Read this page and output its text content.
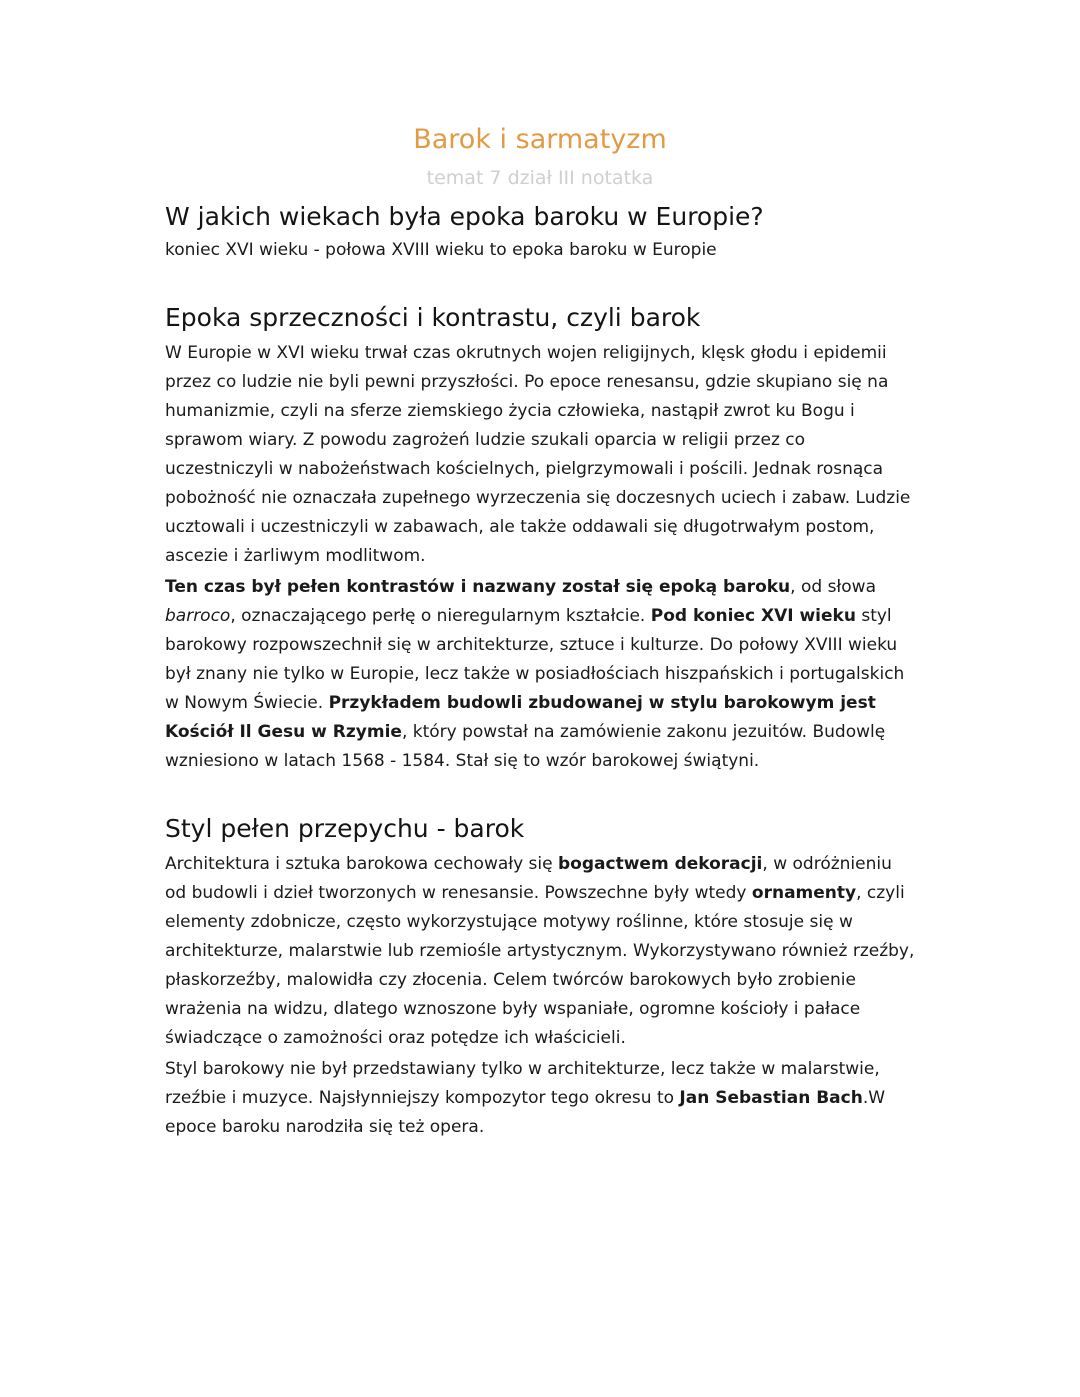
Barok i sarmatyzm
temat 7 dział III notatka
W jakich wiekach była epoka baroku w Europie?

koniec XVI wieku - połowa XVIII wieku to epoka baroku w Europie

Epoka sprzeczności i kontrastu, czyli barok

W Europie w XVI wieku trwał czas okrutnych wojen religijnych, klęsk głodu i epidemii przez co ludzie nie byli pewni przyszłości. Po epoce renesansu, gdzie skupiano się na humanizmie, czyli na sferze ziemskiego życia człowieka, nastąpił zwrot ku Bogu i sprawom wiary. Z powodu zagrożeń ludzie szukali oparcia w religii przez co uczestniczyli w nabożeństwach kościelnych, pielgrzymowali i pościli. Jednak rosnąca pobożność nie oznaczała zupełnego wyrzeczenia się doczesnych uciech i zabaw. Ludzie ucztowali i uczestniczyli w zabawach, ale także oddawali się długotrwałym postom, ascezie i żarliwym modlitwom.

Ten czas był pełen kontrastów i nazwany został się epoką baroku, od słowa barroco, oznaczającego perłę o nieregularnym kształcie. Pod koniec XVI wieku styl barokowy rozpowszechnił się w architekturze, sztuce i kulturze. Do połowy XVIII wieku był znany nie tylko w Europie, lecz także w posiadłościach hiszpańskich i portugalskich w Nowym Świecie. Przykładem budowli zbudowanej w stylu barokowym jest Kościół Il Gesu w Rzymie, który powstał na zamówienie zakonu jezuitów. Budowlę wzniesiono w latach 1568 - 1584. Stał się to wzór barokowej świątyni.

Styl pełen przepychu - barok

Architektura i sztuka barokowa cechowały się bogactwem dekoracji, w odróżnieniu od budowli i dzieł tworzonych w renesansie. Powszechne były wtedy ornamenty, czyli elementy zdobnicze, często wykorzystujące motywy roślinne, które stosuje się w architekturze, malarstwie lub rzemiośle artystycznym. Wykorzystywano również rzeźby, płaskorzeźby, malowidła czy złocenia. Celem twórców barokowych było zrobienie wrażenia na widzu, dlatego wznoszone były wspaniałe, ogromne kościoły i pałace świadczące o zamożności oraz potędze ich właścicieli.

Styl barokowy nie był przedstawiany tylko w architekturze, lecz także w malarstwie, rzeźbie i muzyce. Najsłynniejszy kompozytor tego okresu to Jan Sebastian Bach.W epoce baroku narodziła się też opera.
